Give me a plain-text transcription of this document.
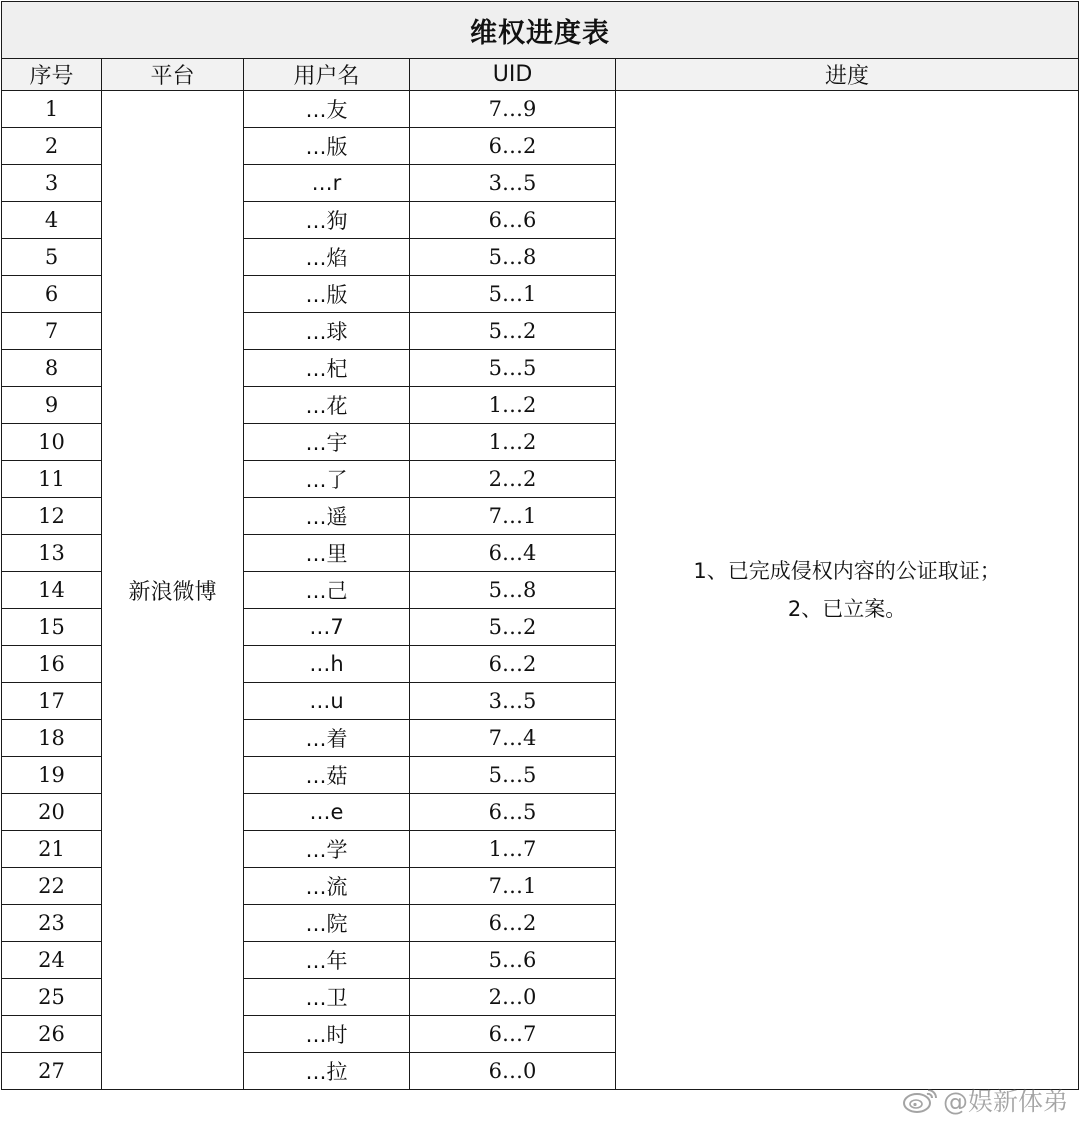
维权进度表				
序号	平台	用户名	UID	进度
1	新浪微博	…友	7…9	1、已完成侵权内容的公证取证；
2、已立案。

2		…版	6…2	
3		…r	3…5	
4		…狗	6…6	
5		…焰	5…8	
6		…版	5…1	
7		…球	5…2	
8		…杞	5…5	
9		…花	1…2	
10		…宇	1…2	
11		…了	2…2	
12		…遥	7…1	
13		…里	6…4	
14		…己	5…8	
15		…7	5…2	
16		…h	6…2	
17		…u	3…5	
18		…着	7…4	
19		…菇	5…5	
20		…e	6…5	
21		…学	1…7	
22		…流	7…1	
23		…院	6…2	
24		…年	5…6	
25		…卫	2…0	
26		…时	6…7	
27		…拉	6…0	
@娱新体弟
